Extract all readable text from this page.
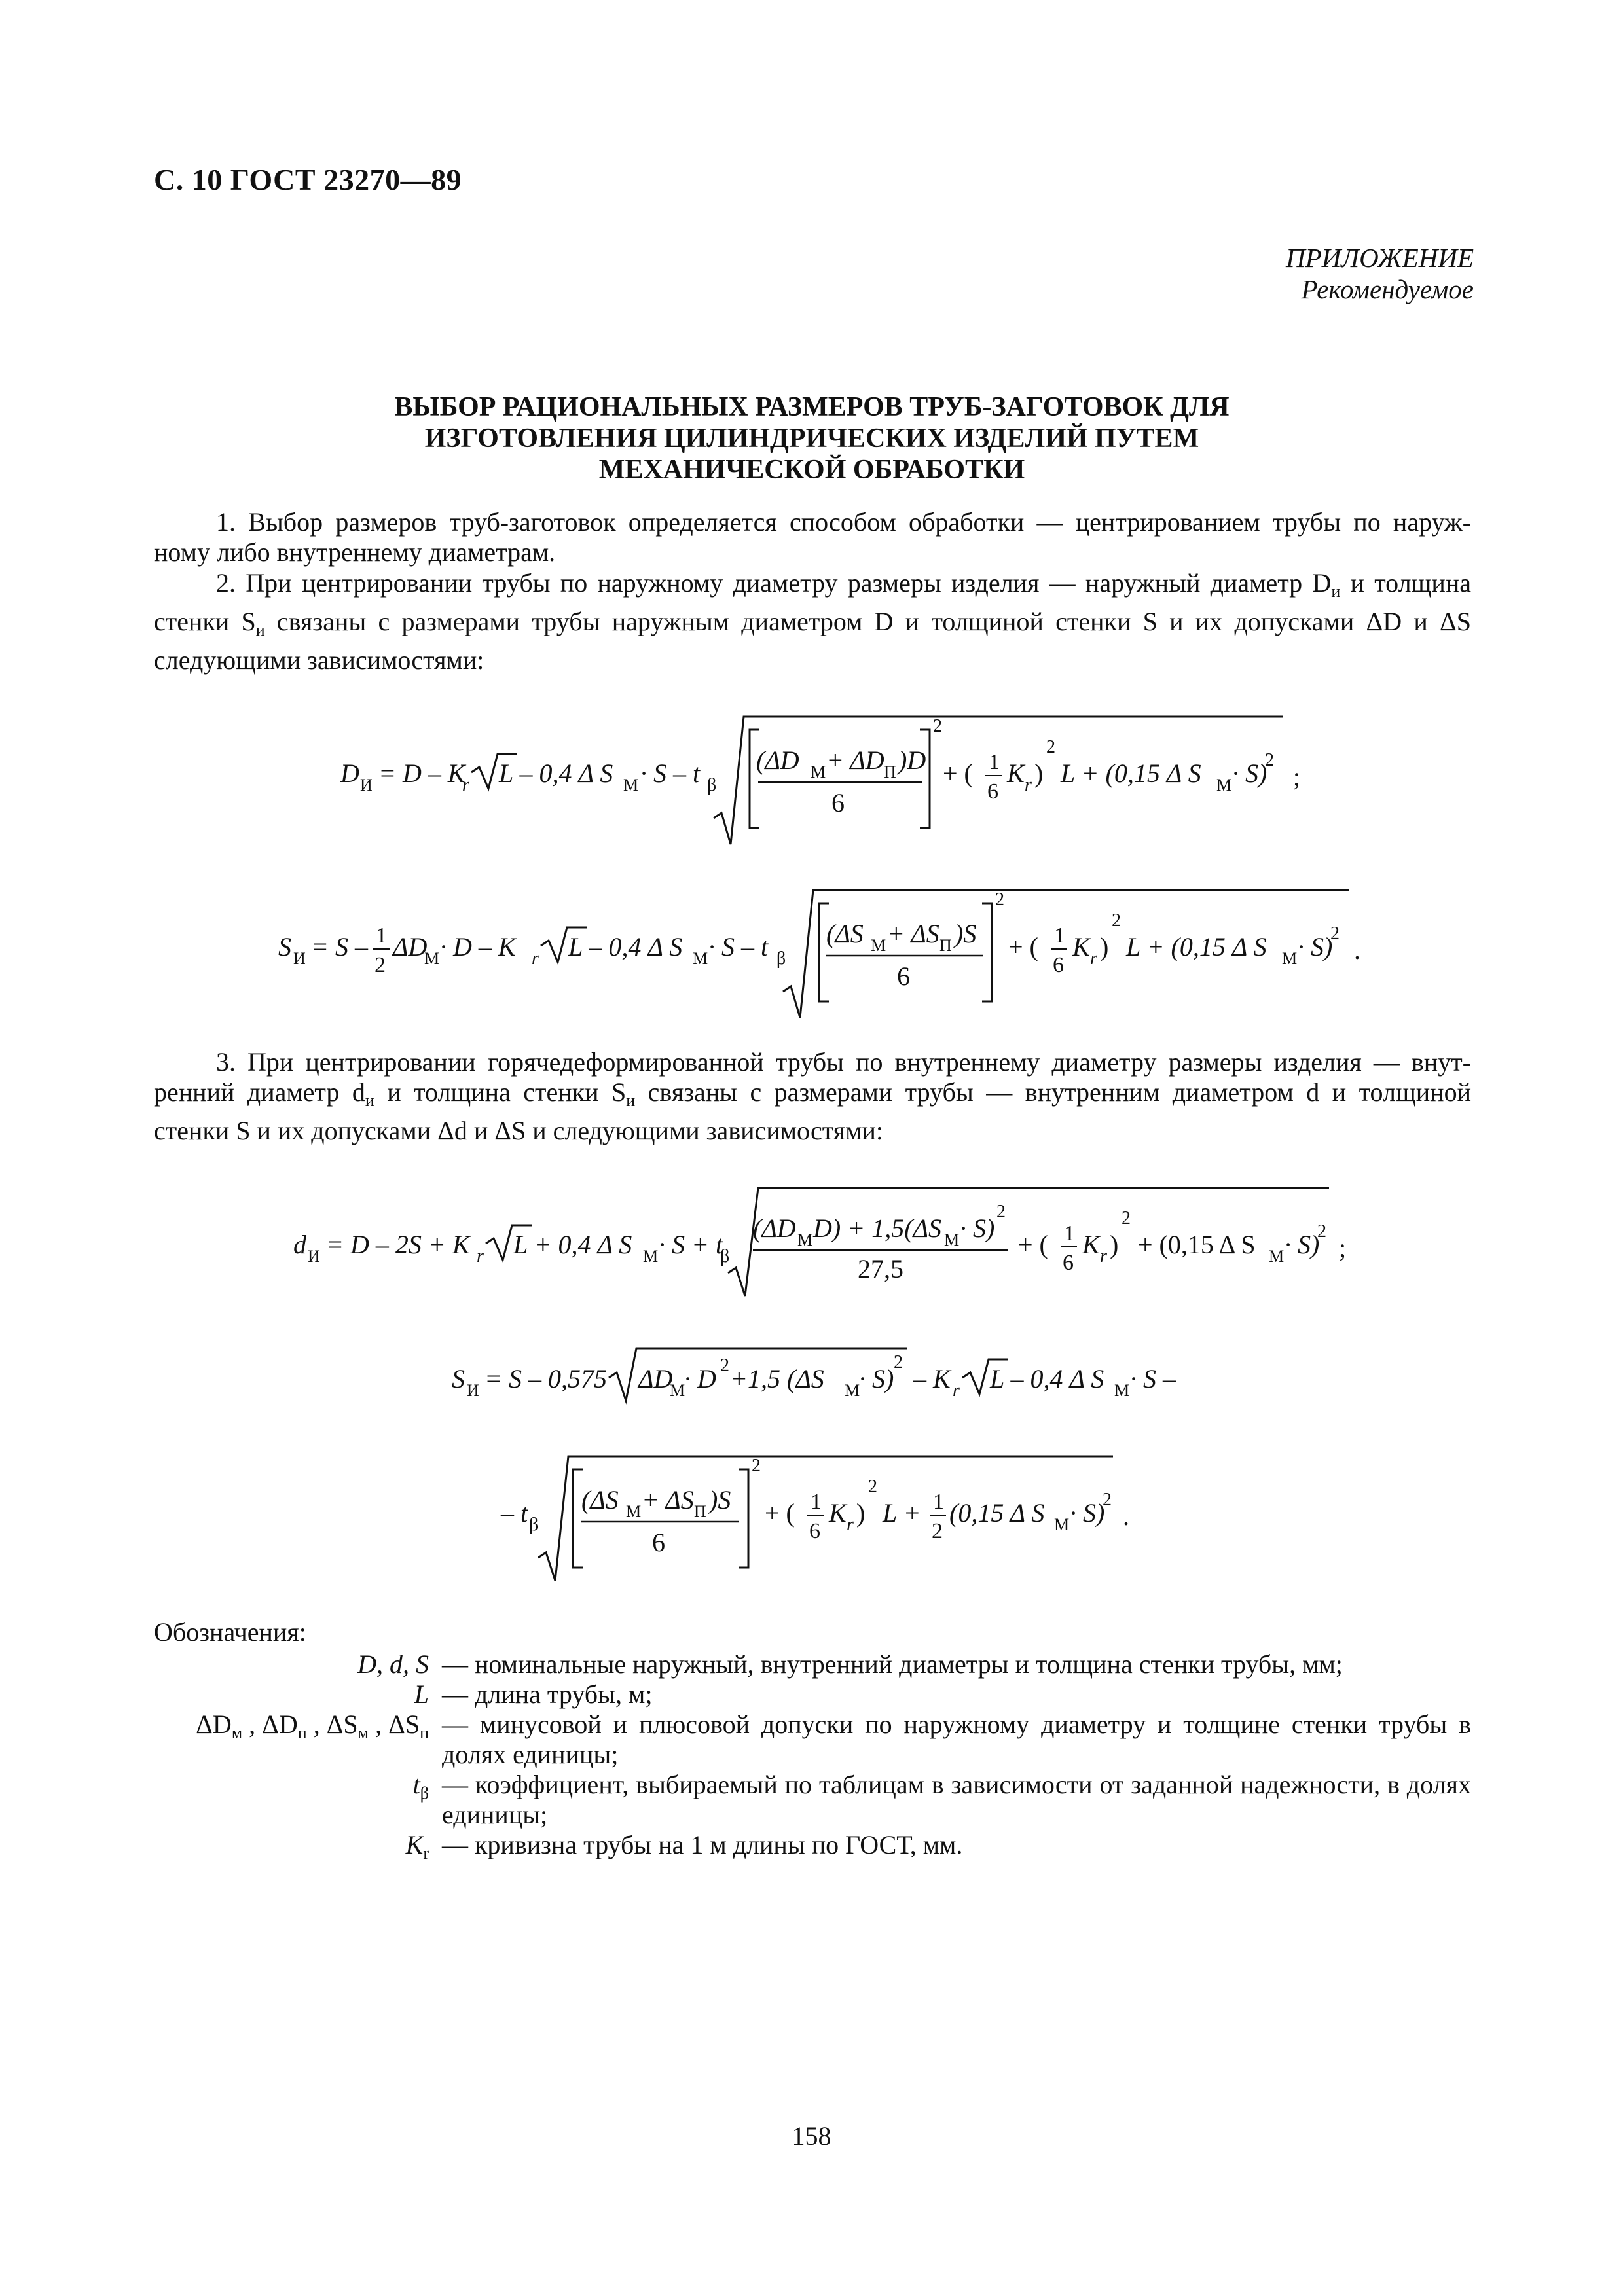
С. 10 ГОСТ 23270—89
ПРИЛОЖЕНИЕ
Рекомендуемое
ВЫБОР РАЦИОНАЛЬНЫХ РАЗМЕРОВ ТРУБ-ЗАГОТОВОК ДЛЯ
ИЗГОТОВЛЕНИЯ ЦИЛИНДРИЧЕСКИХ ИЗДЕЛИЙ ПУТЕМ
МЕХАНИЧЕСКОЙ ОБРАБОТКИ
1. Выбор размеров труб-заготовок определяется способом обработки — центрированием трубы по наруж-
ному либо внутреннему диаметрам.
2. При центрировании трубы по наружному диаметру размеры изделия — наружный диаметр $D_и$ и толщина
стенки $S_и$ связаны с размерами трубы наружным диаметром D и толщиной стенки S и их допусками ΔD и ΔS
следующими зависимостями:
D И = D – K
r L – 0,4 Δ S М · S – t β
(ΔD М + ΔD П )D
6
2
+ ( 1
6
K r )
2
L + (0,15 Δ S М · S)
2
;
S И = S – 1
2
ΔD
М · D – K r L – 0,4 Δ S М · S – t β
(ΔS М + ΔS П )S
6
2
+ ( 1
6
K r )
2
L + (0,15 Δ S М · S)
2
.
3. При центрировании горячедеформированной трубы по внутреннему диаметру размеры изделия — внут-
ренний диаметр $d_и$ и толщина стенки $S_и$ связаны с размерами трубы — внутренним диаметром d и толщиной
стенки S и их допусками Δd и ΔS и следующими зависимостями:
d И = D – 2S + K r L + 0,4 Δ S М · S + t
β
(ΔD М D) + 1,5(ΔS М · S)
2
27,5
+ ( 1
6
K r )
2
+ (0,15 Δ S М · S)
2
;
S И = S – 0,575 ΔD
М
· D 2 +1,5 (ΔS М
· S)
2
– K r L – 0,4 Δ S М · S –
– t β
(ΔS М + ΔS П )S
6
2
+ ( 1
6
K r )
2
L + 1
2
(0,15 Δ S М · S)
2
.
Обозначения:
D, d, S — номинальные наружный, внутренний диаметры и толщина стенки трубы, мм;
L — длина трубы, м;
$\Delta D_м$ , $\Delta D_п$ , $\Delta S_м$ , $\Delta S_п$ — минусовой и плюсовой допуски по наружному диаметру и толщине стенки трубы в долях единицы;
$t_\beta$ — коэффициент, выбираемый по таблицам в зависимости от заданной надежности, в долях единицы;
$K_r$ — кривизна трубы на 1 м длины по ГОСТ, мм.
158
